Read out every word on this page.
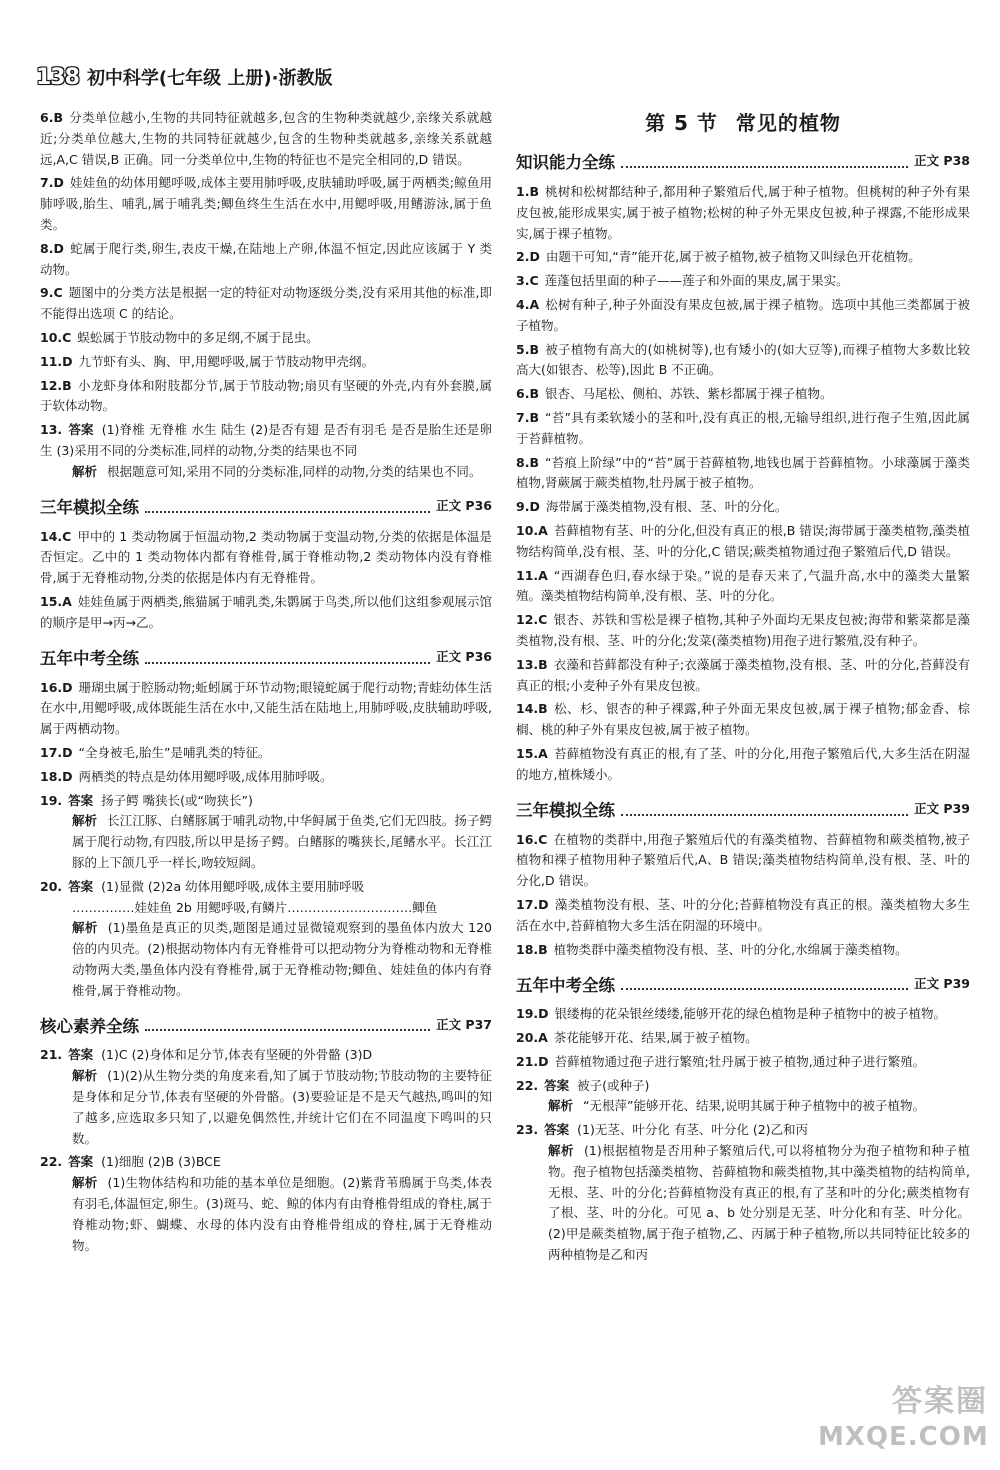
138 初中科学(七年级 上册)·浙教版
6.B 分类单位越小,生物的共同特征就越多,包含的生物种类就越少,亲缘关系就越近;分类单位越大,生物的共同特征就越少,包含的生物种类就越多,亲缘关系就越远,A,C 错误,B 正确。同一分类单位中,生物的特征也不是完全相同的,D 错误。
7.D 娃娃鱼的幼体用鳃呼吸,成体主要用肺呼吸,皮肤辅助呼吸,属于两栖类;鲸鱼用肺呼吸,胎生、哺乳,属于哺乳类;鲫鱼终生生活在水中,用鳃呼吸,用鳍游泳,属于鱼类。
8.D 蛇属于爬行类,卵生,表皮干燥,在陆地上产卵,体温不恒定,因此应该属于 Y 类动物。
9.C 题图中的分类方法是根据一定的特征对动物逐级分类,没有采用其他的标准,即不能得出选项 C 的结论。
10.C 蜈蚣属于节肢动物中的多足纲,不属于昆虫。
11.D 九节虾有头、胸、甲,用鳃呼吸,属于节肢动物甲壳纲。
12.B 小龙虾身体和附肢都分节,属于节肢动物;扇贝有坚硬的外壳,内有外套膜,属于软体动物。
13. 答案 (1)脊椎 无脊椎 水生 陆生 (2)是否有翅 是否有羽毛 是否是胎生还是卵生 (3)采用不同的分类标准,同样的动物,分类的结果也不同
解析 根据题意可知,采用不同的分类标准,同样的动物,分类的结果也不同。
三年模拟全练	正文 P36
14.C 甲中的 1 类动物属于恒温动物,2 类动物属于变温动物,分类的依据是体温是否恒定。乙中的 1 类动物体内都有脊椎骨,属于脊椎动物,2 类动物体内没有脊椎骨,属于无脊椎动物,分类的依据是体内有无脊椎骨。
15.A 娃娃鱼属于两栖类,熊猫属于哺乳类,朱鹮属于鸟类,所以他们这组参观展示馆的顺序是甲→丙→乙。
五年中考全练	正文 P36
16.D 珊瑚虫属于腔肠动物;蚯蚓属于环节动物;眼镜蛇属于爬行动物;青蛙幼体生活在水中,用鳃呼吸,成体既能生活在水中,又能生活在陆地上,用肺呼吸,皮肤辅助呼吸,属于两栖动物。
17.D “全身被毛,胎生”是哺乳类的特征。
18.D 两栖类的特点是幼体用鳃呼吸,成体用肺呼吸。
19. 答案 扬子鳄 嘴狭长(或“吻狭长”)
解析 长江江豚、白鳍豚属于哺乳动物,中华鲟属于鱼类,它们无四肢。扬子鳄属于爬行动物,有四肢,所以甲是扬子鳄。白鳍豚的嘴狭长,尾鳍水平。长江江豚的上下颌几乎一样长,吻较短阔。
20. 答案 (1)显微 (2)2a 幼体用鳃呼吸,成体主要用肺呼吸
……………娃娃鱼 2b 用鳃呼吸,有鳞片…………………………鲫鱼
解析 (1)墨鱼是真正的贝类,题图是通过显微镜观察到的墨鱼体内放大 120 倍的内贝壳。(2)根据动物体内有无脊椎骨可以把动物分为脊椎动物和无脊椎动物两大类,墨鱼体内没有脊椎骨,属于无脊椎动物;鲫鱼、娃娃鱼的体内有脊椎骨,属于脊椎动物。
核心素养全练	正文 P37
21. 答案 (1)C (2)身体和足分节,体表有坚硬的外骨骼 (3)D
解析 (1)(2)从生物分类的角度来看,知了属于节肢动物;节肢动物的主要特征是身体和足分节,体表有坚硬的外骨骼。(3)要验证是不是天气越热,鸣叫的知了越多,应选取多只知了,以避免偶然性,并统计它们在不同温度下鸣叫的只数。
22. 答案 (1)细胞 (2)B (3)BCE
解析 (1)生物体结构和功能的基本单位是细胞。(2)紫背苇鳽属于鸟类,体表有羽毛,体温恒定,卵生。(3)斑马、蛇、鲸的体内有由脊椎骨组成的脊柱,属于脊椎动物;虾、蝴蝶、水母的体内没有由脊椎骨组成的脊柱,属于无脊椎动物。
第 5 节 常见的植物
知识能力全练	正文 P38
1.B 桃树和松树都结种子,都用种子繁殖后代,属于种子植物。但桃树的种子外有果皮包被,能形成果实,属于被子植物;松树的种子外无果皮包被,种子裸露,不能形成果实,属于裸子植物。
2.D 由题干可知,“青”能开花,属于被子植物,被子植物又叫绿色开花植物。
3.C 莲蓬包括里面的种子——莲子和外面的果皮,属于果实。
4.A 松树有种子,种子外面没有果皮包被,属于裸子植物。选项中其他三类都属于被子植物。
5.B 被子植物有高大的(如桃树等),也有矮小的(如大豆等),而裸子植物大多数比较高大(如银杏、松等),因此 B 不正确。
6.B 银杏、马尾松、侧柏、苏铁、紫杉都属于裸子植物。
7.B “苔”具有柔软矮小的茎和叶,没有真正的根,无输导组织,进行孢子生殖,因此属于苔藓植物。
8.B “苔痕上阶绿”中的“苔”属于苔藓植物,地钱也属于苔藓植物。小球藻属于藻类植物,肾蕨属于蕨类植物,牡丹属于被子植物。
9.D 海带属于藻类植物,没有根、茎、叶的分化。
10.A 苔藓植物有茎、叶的分化,但没有真正的根,B 错误;海带属于藻类植物,藻类植物结构简单,没有根、茎、叶的分化,C 错误;蕨类植物通过孢子繁殖后代,D 错误。
11.A “西湖春色归,春水绿于染。”说的是春天来了,气温升高,水中的藻类大量繁殖。藻类植物结构简单,没有根、茎、叶的分化。
12.C 银杏、苏铁和雪松是裸子植物,其种子外面均无果皮包被;海带和紫菜都是藻类植物,没有根、茎、叶的分化;发菜(藻类植物)用孢子进行繁殖,没有种子。
13.B 衣藻和苔藓都没有种子;衣藻属于藻类植物,没有根、茎、叶的分化,苔藓没有真正的根;小麦种子外有果皮包被。
14.B 松、杉、银杏的种子裸露,种子外面无果皮包被,属于裸子植物;郁金香、棕榈、桃的种子外有果皮包被,属于被子植物。
15.A 苔藓植物没有真正的根,有了茎、叶的分化,用孢子繁殖后代,大多生活在阴湿的地方,植株矮小。
三年模拟全练	正文 P39
16.C 在植物的类群中,用孢子繁殖后代的有藻类植物、苔藓植物和蕨类植物,被子植物和裸子植物用种子繁殖后代,A、B 错误;藻类植物结构简单,没有根、茎、叶的分化,D 错误。
17.D 藻类植物没有根、茎、叶的分化;苔藓植物没有真正的根。藻类植物大多生活在水中,苔藓植物大多生活在阴湿的环境中。
18.B 植物类群中藻类植物没有根、茎、叶的分化,水绵属于藻类植物。
五年中考全练	正文 P39
19.D 银缕梅的花朵银丝缕缕,能够开花的绿色植物是种子植物中的被子植物。
20.A 茶花能够开花、结果,属于被子植物。
21.D 苔藓植物通过孢子进行繁殖;牡丹属于被子植物,通过种子进行繁殖。
22. 答案 被子(或种子)
解析 “无根萍”能够开花、结果,说明其属于种子植物中的被子植物。
23. 答案 (1)无茎、叶分化 有茎、叶分化 (2)乙和丙
解析 (1)根据植物是否用种子繁殖后代,可以将植物分为孢子植物和种子植物。孢子植物包括藻类植物、苔藓植物和蕨类植物,其中藻类植物的结构简单,无根、茎、叶的分化;苔藓植物没有真正的根,有了茎和叶的分化;蕨类植物有了根、茎、叶的分化。可见 a、b 处分别是无茎、叶分化和有茎、叶分化。(2)甲是蕨类植物,属于孢子植物,乙、丙属于种子植物,所以共同特征比较多的两种植物是乙和丙
答案圈
MXQE.COM
